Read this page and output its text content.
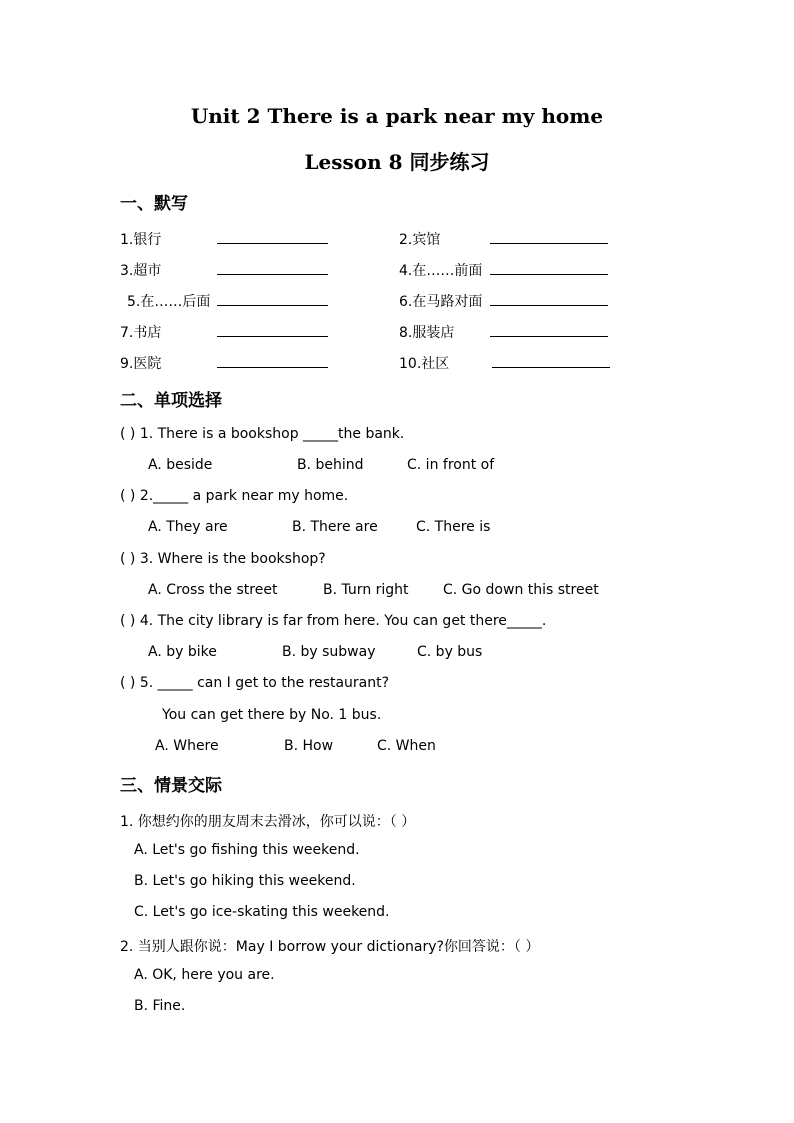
Unit 2 There is a park near my home
Lesson 8 同步练习
一、默写
1.银行	2.宾馆
3.超市	4.在……前面
5.在……后面	6.在马路对面
7.书店	8.服装店
9.医院	10.社区
二、单项选择
( ) 1. There is a bookshop _____the bank.
A. beside	B. behind	C. in front of
( ) 2._____ a park near my home.
A. They are	B. There are	C. There is
( ) 3. Where is the bookshop?
A. Cross the street	B. Turn right C. Go down this street
( ) 4. The city library is far from here. You can get there_____.
A. by bike	B. by subway	C. by bus
( ) 5. _____ can I get to the restaurant?
You can get there by No. 1 bus.
A. Where	B. How	C. When
三、情景交际
1. 你想约你的朋友周末去滑冰，你可以说：（ ）
A. Let's go fishing this weekend.
B. Let's go hiking this weekend.
C. Let's go ice-skating this weekend.
2. 当别人跟你说：May I borrow your dictionary?你回答说：（ ）
A. OK, here you are.
B. Fine.
